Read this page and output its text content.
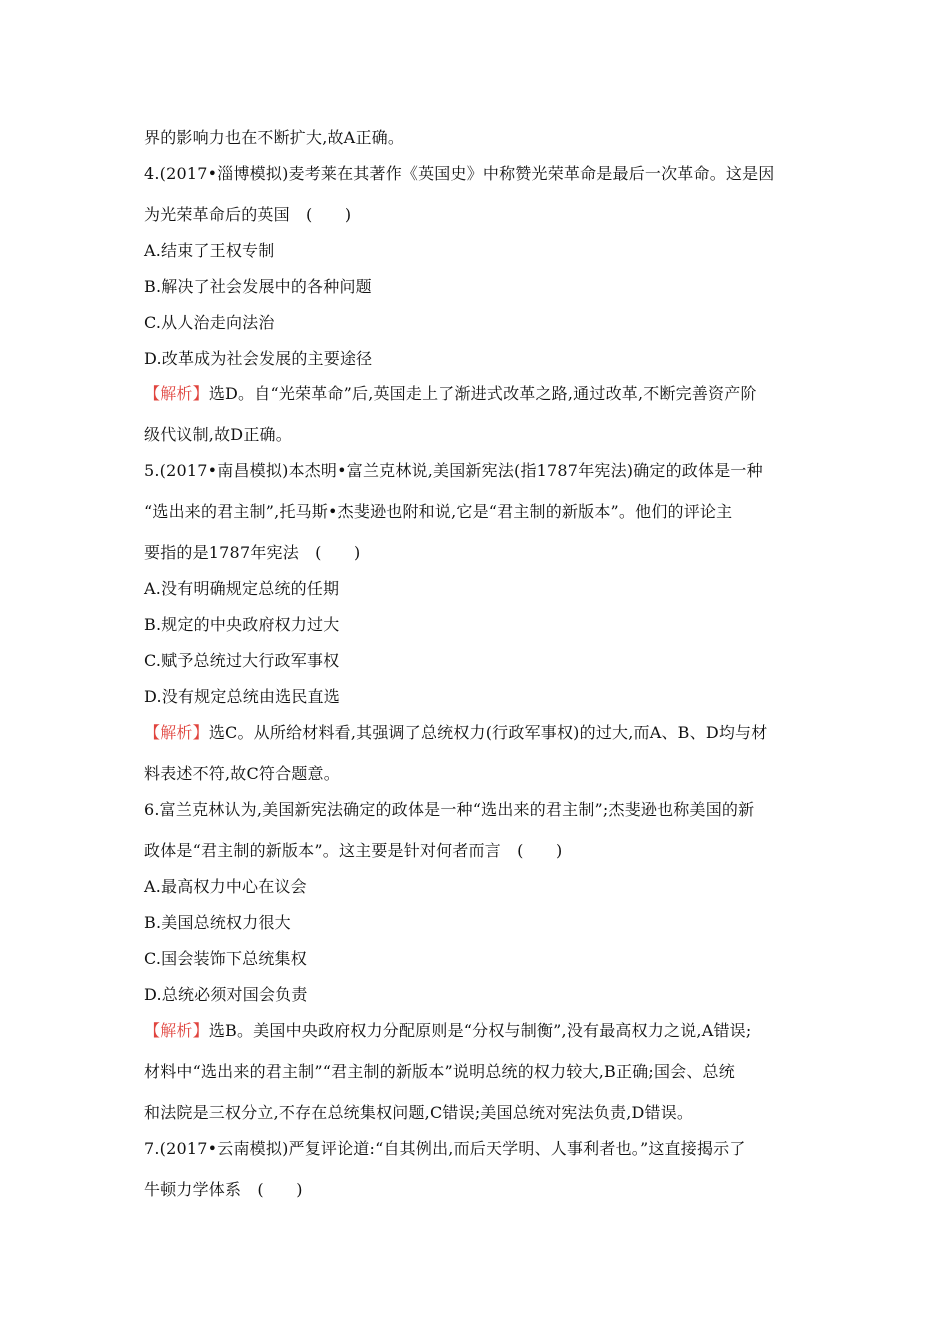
界的影响力也在不断扩大,故A正确。
4.(2017•淄博模拟)麦考莱在其著作《英国史》中称赞光荣革命是最后一次革命。这是因
为光荣革命后的英国　(　　)
A.结束了王权专制
B.解决了社会发展中的各种问题
C.从人治走向法治
D.改革成为社会发展的主要途径
【解析】选D。自“光荣革命”后,英国走上了渐进式改革之路,通过改革,不断完善资产阶
级代议制,故D正确。
5.(2017•南昌模拟)本杰明•富兰克林说,美国新宪法(指1787年宪法)确定的政体是一种
“选出来的君主制”,托马斯•杰斐逊也附和说,它是“君主制的新版本”。他们的评论主
要指的是1787年宪法　(　　)
A.没有明确规定总统的任期
B.规定的中央政府权力过大
C.赋予总统过大行政军事权
D.没有规定总统由选民直选
【解析】选C。从所给材料看,其强调了总统权力(行政军事权)的过大,而A、B、D均与材
料表述不符,故C符合题意。
6.富兰克林认为,美国新宪法确定的政体是一种“选出来的君主制”;杰斐逊也称美国的新
政体是“君主制的新版本”。这主要是针对何者而言　(　　)
A.最高权力中心在议会
B.美国总统权力很大
C.国会装饰下总统集权
D.总统必须对国会负责
【解析】选B。美国中央政府权力分配原则是“分权与制衡”,没有最高权力之说,A错误;
材料中“选出来的君主制”“君主制的新版本”说明总统的权力较大,B正确;国会、总统
和法院是三权分立,不存在总统集权问题,C错误;美国总统对宪法负责,D错误。
7.(2017•云南模拟)严复评论道:“自其例出,而后天学明、人事利者也。”这直接揭示了
牛顿力学体系　(　　)
